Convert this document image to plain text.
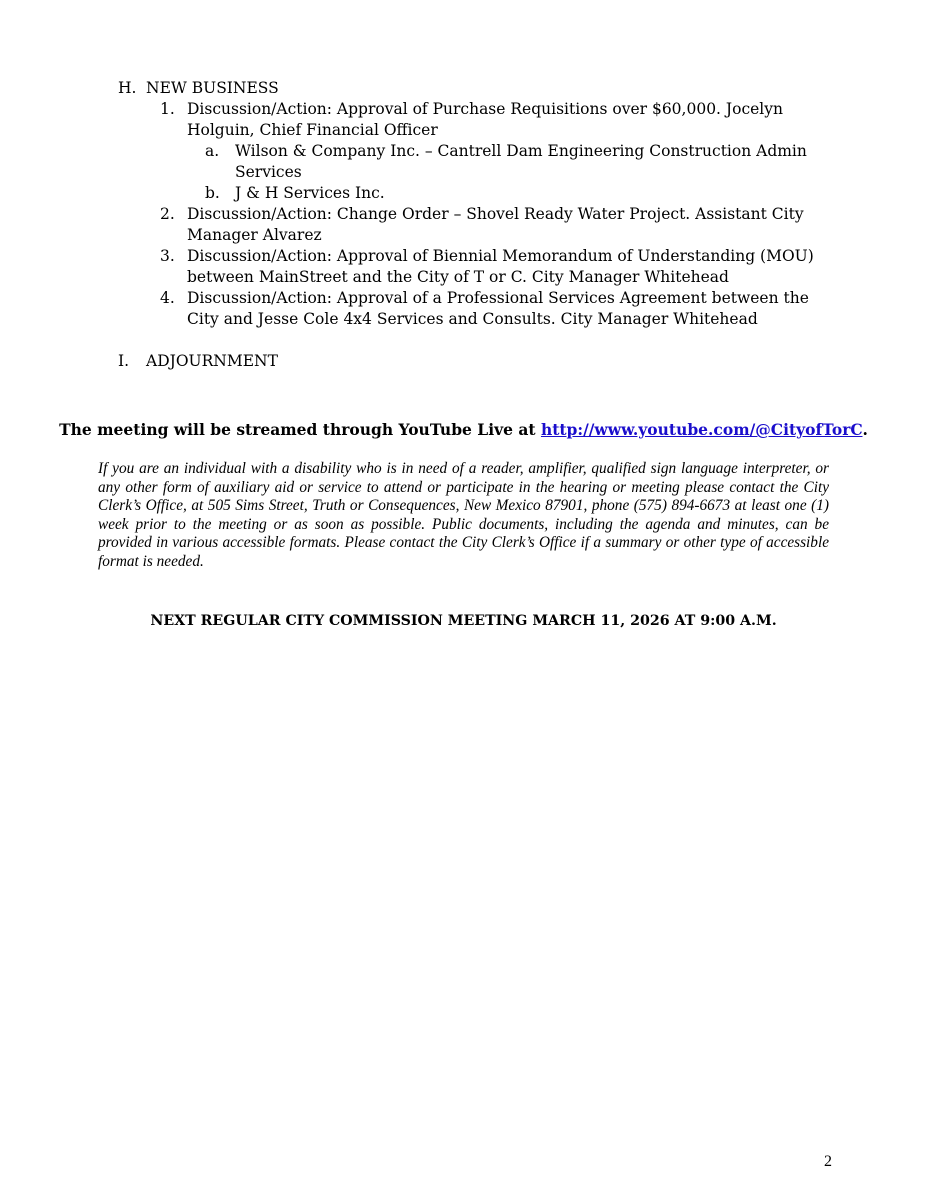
H. NEW BUSINESS
1. Discussion/Action: Approval of Purchase Requisitions over $60,000. Jocelyn Holguin, Chief Financial Officer
a.	Wilson & Company Inc. – Cantrell Dam Engineering Construction Admin Services
b. J & H Services Inc.
2. Discussion/Action: Change Order – Shovel Ready Water Project. Assistant City Manager Alvarez
3. Discussion/Action: Approval of Biennial Memorandum of Understanding (MOU) between MainStreet and the City of T or C. City Manager Whitehead
4. Discussion/Action: Approval of a Professional Services Agreement between the City and Jesse Cole 4x4 Services and Consults. City Manager Whitehead
I.	ADJOURNMENT
The meeting will be streamed through YouTube Live at http://www.youtube.com/@CityofTorC.
If you are an individual with a disability who is in need of a reader, amplifier, qualified sign language interpreter, or any other form of auxiliary aid or service to attend or participate in the hearing or meeting please contact the City Clerk’s Office, at 505 Sims Street, Truth or Consequences, New Mexico 87901, phone (575) 894-6673 at least one (1) week prior to the meeting or as soon as possible. Public documents, including the agenda and minutes, can be provided in various accessible formats. Please contact the City Clerk’s Office if a summary or other type of accessible format is needed.
NEXT REGULAR CITY COMMISSION MEETING MARCH 11, 2026 AT 9:00 A.M.
2
